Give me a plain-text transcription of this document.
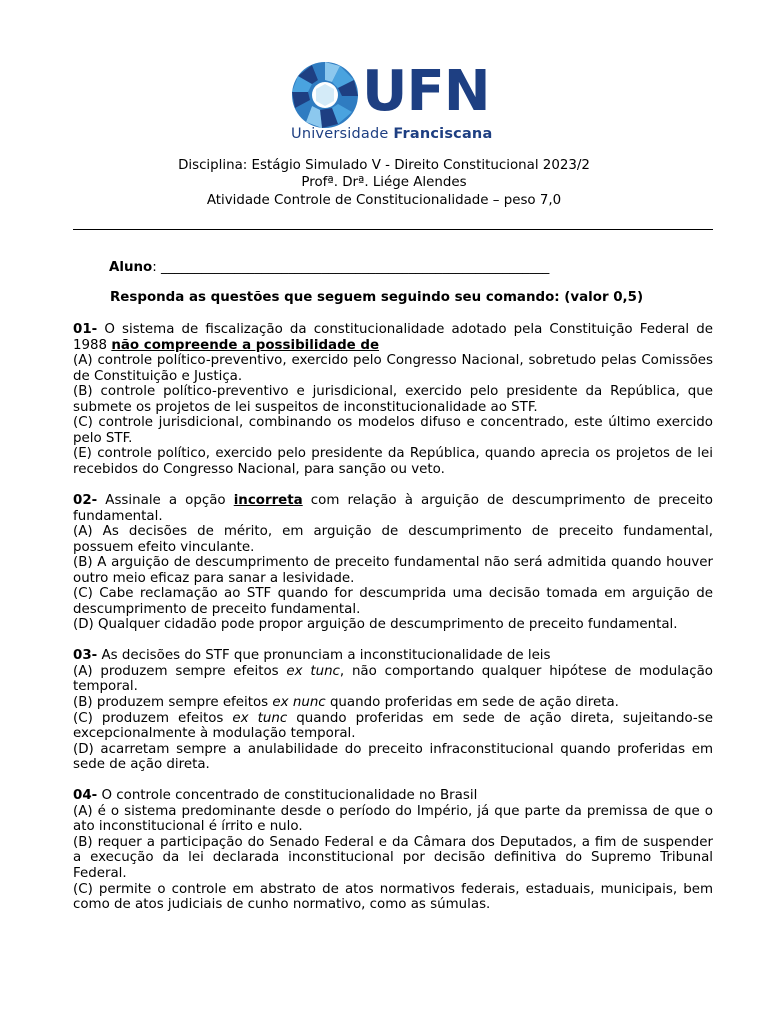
UFN
Universidade Franciscana
Disciplina: Estágio Simulado V - Direito Constitucional 2023/2
Profª. Drª. Liége Alendes
Atividade Controle de Constitucionalidade – peso 7,0
Aluno: __________________________________________________________
Responda as questões que seguem seguindo seu comando: (valor 0,5)
01- O sistema de fiscalização da constitucionalidade adotado pela Constituição Federal de 1988 não compreende a possibilidade de
(A) controle político-preventivo, exercido pelo Congresso Nacional, sobretudo pelas Comissões de Constituição e Justiça.
(B) controle político-preventivo e jurisdicional, exercido pelo presidente da República, que submete os projetos de lei suspeitos de inconstitucionalidade ao STF.
(C) controle jurisdicional, combinando os modelos difuso e concentrado, este último exercido pelo STF.
(E) controle político, exercido pelo presidente da República, quando aprecia os projetos de lei recebidos do Congresso Nacional, para sanção ou veto.
02- Assinale a opção incorreta com relação à arguição de descumprimento de preceito fundamental.
(A) As decisões de mérito, em arguição de descumprimento de preceito fundamental, possuem efeito vinculante.
(B) A arguição de descumprimento de preceito fundamental não será admitida quando houver outro meio eficaz para sanar a lesividade.
(C) Cabe reclamação ao STF quando for descumprida uma decisão tomada em arguição de descumprimento de preceito fundamental.
(D) Qualquer cidadão pode propor arguição de descumprimento de preceito fundamental.
03- As decisões do STF que pronunciam a inconstitucionalidade de leis
(A) produzem sempre efeitos ex tunc, não comportando qualquer hipótese de modulação temporal.
(B) produzem sempre efeitos ex nunc quando proferidas em sede de ação direta.
(C) produzem efeitos ex tunc quando proferidas em sede de ação direta, sujeitando-se excepcionalmente à modulação temporal.
(D) acarretam sempre a anulabilidade do preceito infraconstitucional quando proferidas em sede de ação direta.
04- O controle concentrado de constitucionalidade no Brasil
(A) é o sistema predominante desde o período do Império, já que parte da premissa de que o ato inconstitucional é írrito e nulo.
(B) requer a participação do Senado Federal e da Câmara dos Deputados, a fim de suspender a execução da lei declarada inconstitucional por decisão definitiva do Supremo Tribunal Federal.
(C) permite o controle em abstrato de atos normativos federais, estaduais, municipais, bem como de atos judiciais de cunho normativo, como as súmulas.
